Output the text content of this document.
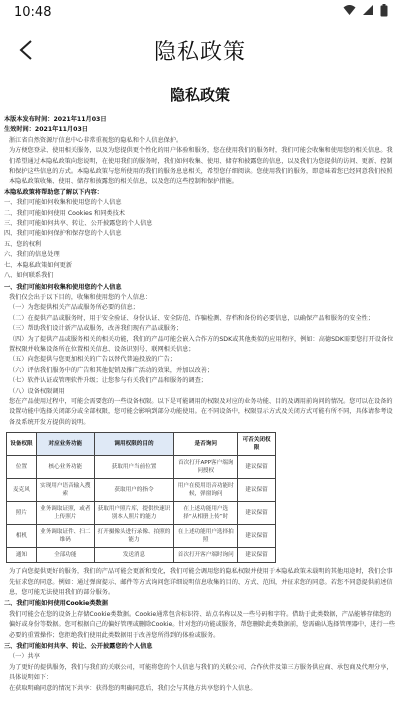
10:48
隐私政策
隐私政策
本版本发布时间：2021年11月03日
生效时间：2021年11月03日
浙江省自然资源厅信息中心非常重视您的隐私和个人信息保护。
为方便您登录、使用相关服务，以及为您提供更个性化的用户体验和服务，您在使用我们的服务时，我们可能会收集和使用您的相关信息。我们希望通过本隐私政策向您说明，在使用我们的服务时，我们如何收集、使用、储存和披露您的信息，以及我们为您提供的访问、更新、控制和保护这些信息的方式。本隐私政策与您所使用的我们的服务息息相关，希望您仔细阅读。您使用我们的服务，即意味着您已经同意我们按照本隐私政策收集、使用、储存和披露您的相关信息，以及您的这些控制和保护措施。
本隐私政策将帮助您了解以下内容：
一、我们可能如何收集和使用您的个人信息
二、我们可能如何使用 Cookies 和同类技术
三、我们可能如何共享、转让、公开披露您的个人信息
四、我们可能如何保护和保存您的个人信息
五、您的权利
六、我们的信息处理
七、本隐私政策如何更新
八、如何联系我们
一、我们可能如何收集和使用您的个人信息
我们仅会出于以下目的，收集和使用您的个人信息：
（一）为您提供相关产品或服务所必要的信息；
（二）在提供产品或服务时，用于安全验证、身份认证、安全防范、诈骗检测、存档和备份的必要信息，以确保产品和服务的安全性；
（三）帮助我们设计新产品或服务，改善我们现有产品或服务；
（四）为了提供产品或服务相关的相关功能，我们的产品可能会嵌入合作方的SDK或其他类似的应用程序，例如：高德SDK需要您打开设备位置权限并收集设备所在位置相关信息、设备识别号、联网相关信息；
（五）向您提供与您更加相关的广告以替代普遍投放的广告；
（六）评估我们服务中的广告和其他促销及推广活动的效果，并加以改善；
（七）软件认证或管理软件升级；让您参与有关我们产品和服务的调查；
（八）设备权限调用
您在产品使用过程中，可能会需要您的一些设备权限。以下是可能调用的权限及对应的业务功能、目的及调用前询问的情况。您可以在设备的设置功能中选择关闭部分或全部权限，您可能会影响到部分功能使用。在不同设备中，权限显示方式及关闭方式可能有所不同，具体请参考设备及系统开发方提供的说明。
设备权限	对应业务功能	调用权限的目的	是否询问	可否关闭权限
位置	核心业务功能	获取用户当前位置	首次打开APP客户端询问授权	建议保留
麦克风	实现用户语音输入搜索	获取用户的指令	用户在使用语音功能时候，弹窗询问	建议保留
照片	业务调取证照，或者上传照片	获取用户照片库，提供快速识别本人照片的能力	在上述功能用户选择“从相册上传”时	建议保留
相机	业务调取证件、扫二维码	打开摄像头进行录像、拍照的能力	在上述功能用户选择拍照	建议保留
通知	全部功能	发送消息	首次打开客户端时询问	建议保留
为了向您提供更好的服务，我们的产品可能会更新和变化，我们可能会调用您的隐私权限并使用于本隐私政策未载明的其他用途时，我们会事先征求您的同意。例如：通过弹窗提示、邮件等方式询问您详细说明信息收集的目的、方式、范围，并征求您的同意。若您不同意提供前述信息，您可能无法使用我们的部分服务。
二、我们可能如何使用Cookie类数据
我们可能会在您的设备上存储Cookie类数据。Cookie通常包含标识符、站点名称以及一些号码和字符。借助于此类数据，产品能够存储您的偏好或身份等数据。您可根据自己的偏好管理或删除Cookie。针对您的功能或服务，帮您删除此类数据前，您需确认选择管理器中，进行一些必要的重置操作；您拒绝我们使用此类数据用于改善您所得到的体验或服务。
三、我们可能如何共享、转让、公开披露您的个人信息
（一）共享
为了更好的提供服务，我们与我们的关联公司，可能将您的个人信息与我们的关联公司、合作伙伴及第三方服务供应商、承包商及代理分享，具体说明如下：
在获取明确同意的情况下共享：获得您的明确同意后，我们会与其他方共享您的个人信息。
